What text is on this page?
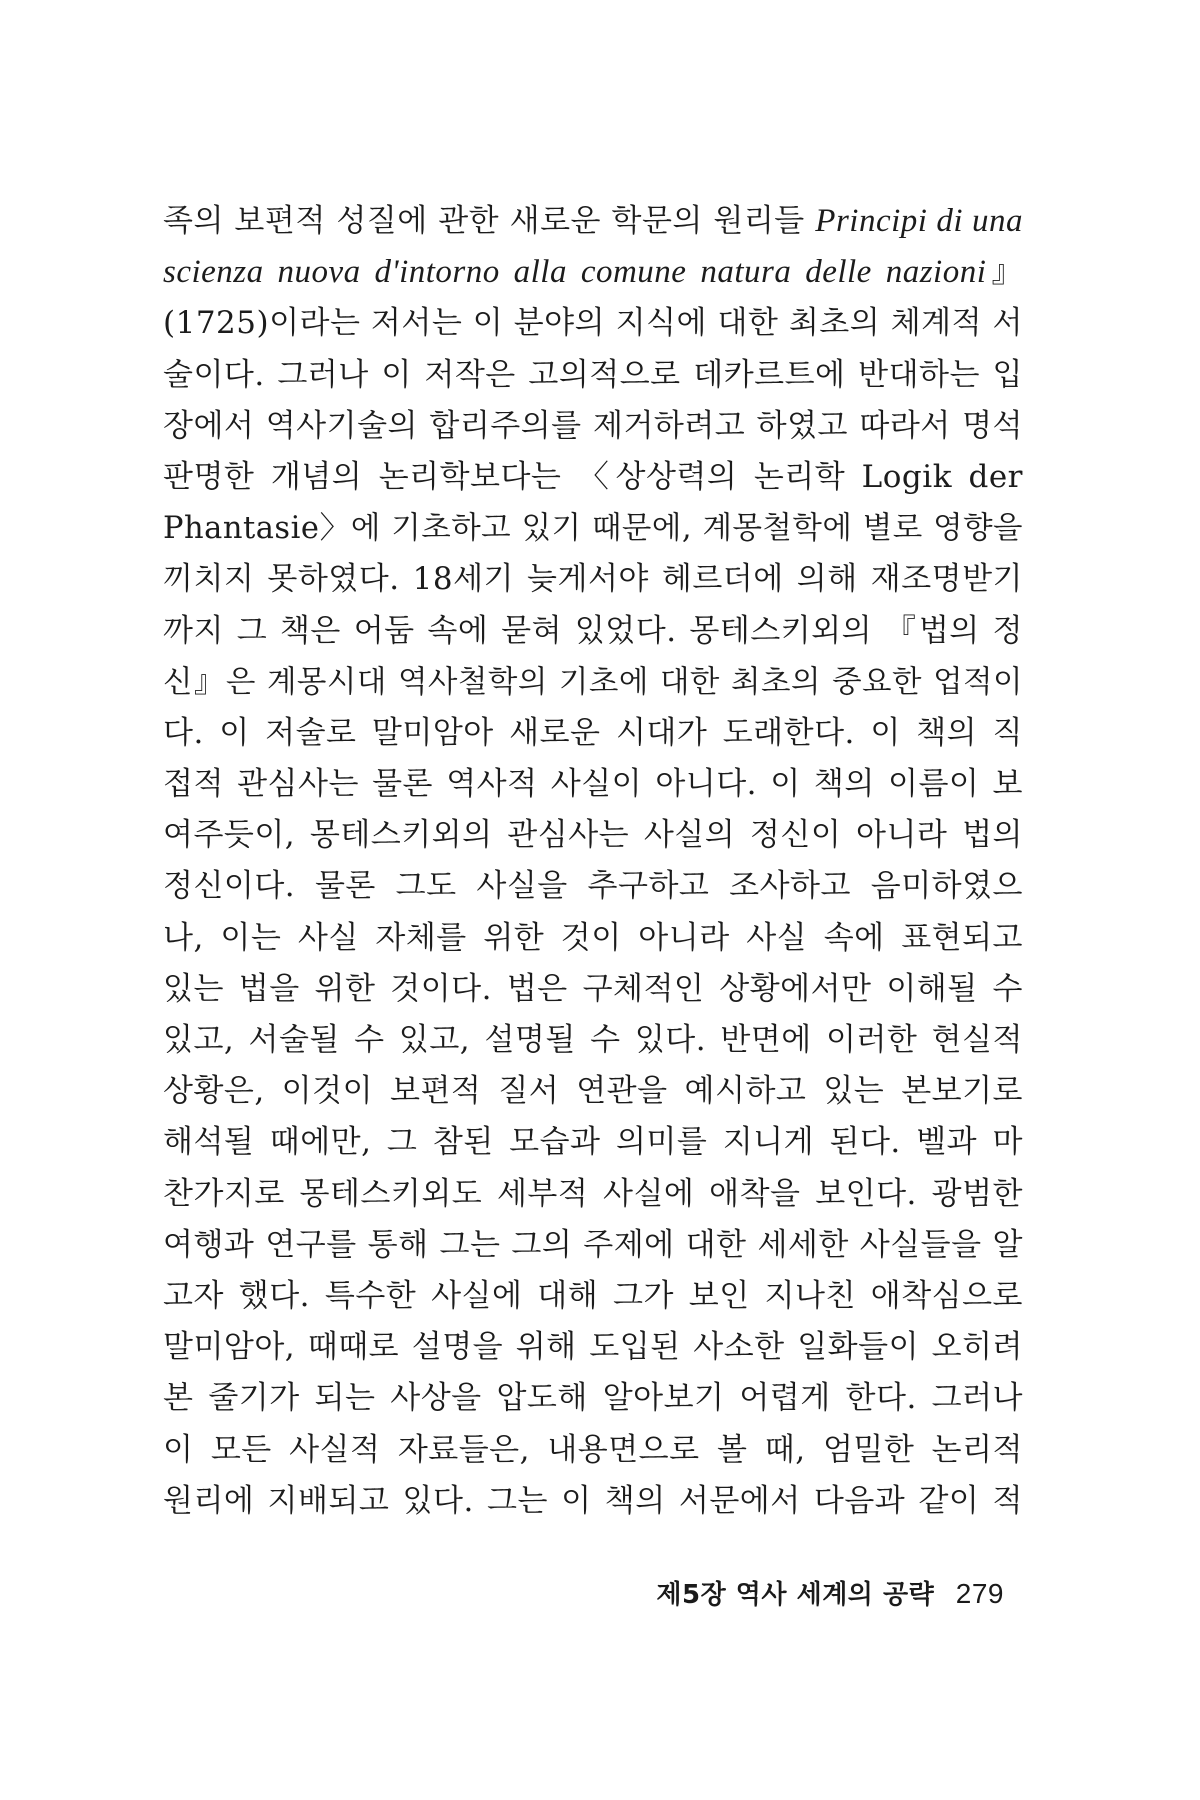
족의 보편적 성질에 관한 새로운 학문의 원리들 Principi di una
scienza nuova d'intorno alla comune natura delle nazioni』
(1725)이라는 저서는 이 분야의 지식에 대한 최초의 체계적 서
술이다. 그러나 이 저작은 고의적으로 데카르트에 반대하는 입
장에서 역사기술의 합리주의를 제거하려고 하였고 따라서 명석
판명한 개념의 논리학보다는 〈상상력의 논리학 Logik der
Phantasie〉에 기초하고 있기 때문에, 계몽철학에 별로 영향을
끼치지 못하였다. 18세기 늦게서야 헤르더에 의해 재조명받기
까지 그 책은 어둠 속에 묻혀 있었다. 몽테스키외의 『법의 정
신』은 계몽시대 역사철학의 기초에 대한 최초의 중요한 업적이
다. 이 저술로 말미암아 새로운 시대가 도래한다. 이 책의 직
접적 관심사는 물론 역사적 사실이 아니다. 이 책의 이름이 보
여주듯이, 몽테스키외의 관심사는 사실의 정신이 아니라 법의
정신이다. 물론 그도 사실을 추구하고 조사하고 음미하였으
나, 이는 사실 자체를 위한 것이 아니라 사실 속에 표현되고
있는 법을 위한 것이다. 법은 구체적인 상황에서만 이해될 수
있고, 서술될 수 있고, 설명될 수 있다. 반면에 이러한 현실적
상황은, 이것이 보편적 질서 연관을 예시하고 있는 본보기로
해석될 때에만, 그 참된 모습과 의미를 지니게 된다. 벨과 마
찬가지로 몽테스키외도 세부적 사실에 애착을 보인다. 광범한
여행과 연구를 통해 그는 그의 주제에 대한 세세한 사실들을 알
고자 했다. 특수한 사실에 대해 그가 보인 지나친 애착심으로
말미암아, 때때로 설명을 위해 도입된 사소한 일화들이 오히려
본 줄기가 되는 사상을 압도해 알아보기 어렵게 한다. 그러나
이 모든 사실적 자료들은, 내용면으로 볼 때, 엄밀한 논리적
원리에 지배되고 있다. 그는 이 책의 서문에서 다음과 같이 적
제5장 역사 세계의 공략 279
